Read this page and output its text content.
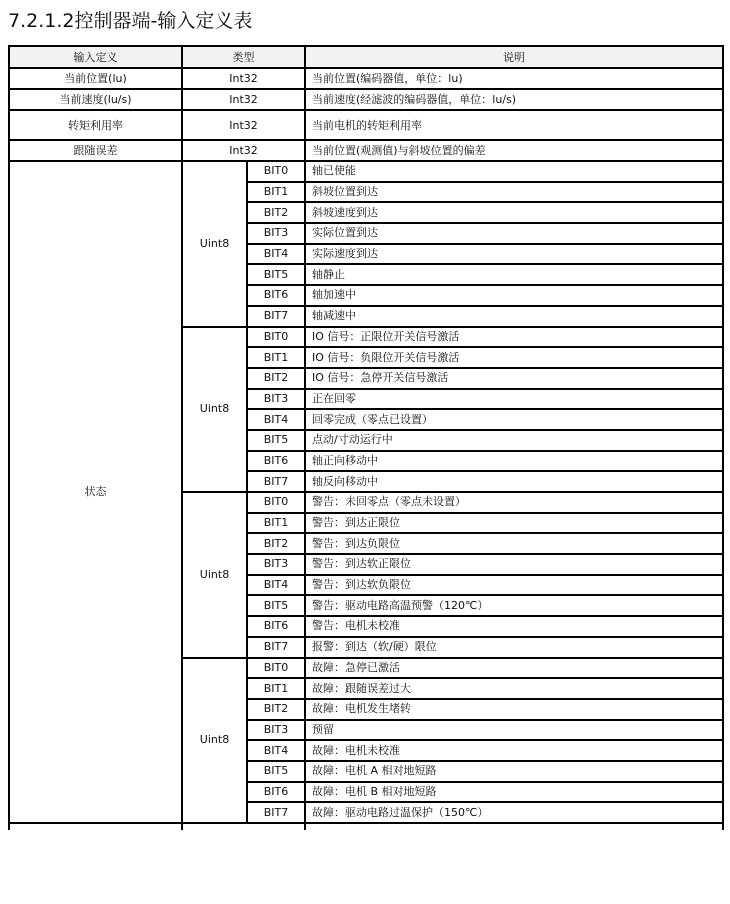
7.2.1.2控制器端-输入定义表
输入定义	类型		说明
当前位置(lu)	Int32		当前位置(编码器值，单位：lu)
当前速度(lu/s)	Int32		当前速度(经滤波的编码器值，单位：lu/s)
转矩利用率	Int32		当前电机的转矩利用率
跟随误差	Int32		当前位置(观测值)与斜坡位置的偏差
状态	Uint8	BIT0	轴已使能
		BIT1	斜坡位置到达
		BIT2	斜坡速度到达
		BIT3	实际位置到达
		BIT4	实际速度到达
		BIT5	轴静止
		BIT6	轴加速中
		BIT7	轴减速中
	Uint8	BIT0	IO 信号：正限位开关信号激活
		BIT1	IO 信号：负限位开关信号激活
		BIT2	IO 信号：急停开关信号激活
		BIT3	正在回零
		BIT4	回零完成（零点已设置）
		BIT5	点动/寸动运行中
		BIT6	轴正向移动中
		BIT7	轴反向移动中
	Uint8	BIT0	警告：未回零点（零点未设置）
		BIT1	警告：到达正限位
		BIT2	警告：到达负限位
		BIT3	警告：到达软正限位
		BIT4	警告：到达软负限位
		BIT5	警告：驱动电路高温预警（120℃）
		BIT6	警告：电机未校准
		BIT7	报警：到达（软/硬）限位
	Uint8	BIT0	故障：急停已激活
		BIT1	故障：跟随误差过大
		BIT2	故障：电机发生堵转
		BIT3	预留
		BIT4	故障：电机未校准
		BIT5	故障：电机 A 相对地短路
		BIT6	故障：电机 B 相对地短路
		BIT7	故障：驱动电路过温保护（150℃）
